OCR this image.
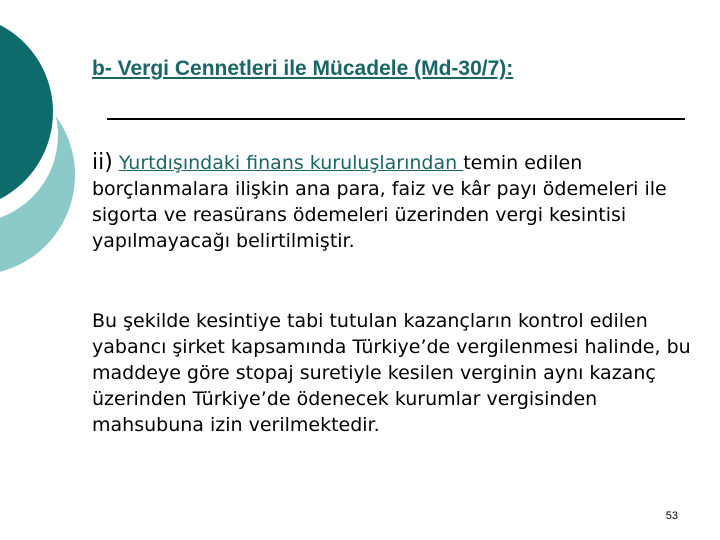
b- Vergi Cennetleri ile Mücadele (Md-30/7):

ii) Yurtdışındaki finans kuruluşlarından temin edilen borçlanmalara ilişkin ana para, faiz ve kâr payı ödemeleri ile sigorta ve reasürans ödemeleri üzerinden vergi kesintisi yapılmayacağı belirtilmiştir.

Bu şekilde kesintiye tabi tutulan kazançların kontrol edilen yabancı şirket kapsamında Türkiye’de vergilenmesi halinde, bu maddeye göre stopaj suretiyle kesilen verginin aynı kazanç üzerinden Türkiye’de ödenecek kurumlar vergisinden mahsubuna izin verilmektedir.

53
